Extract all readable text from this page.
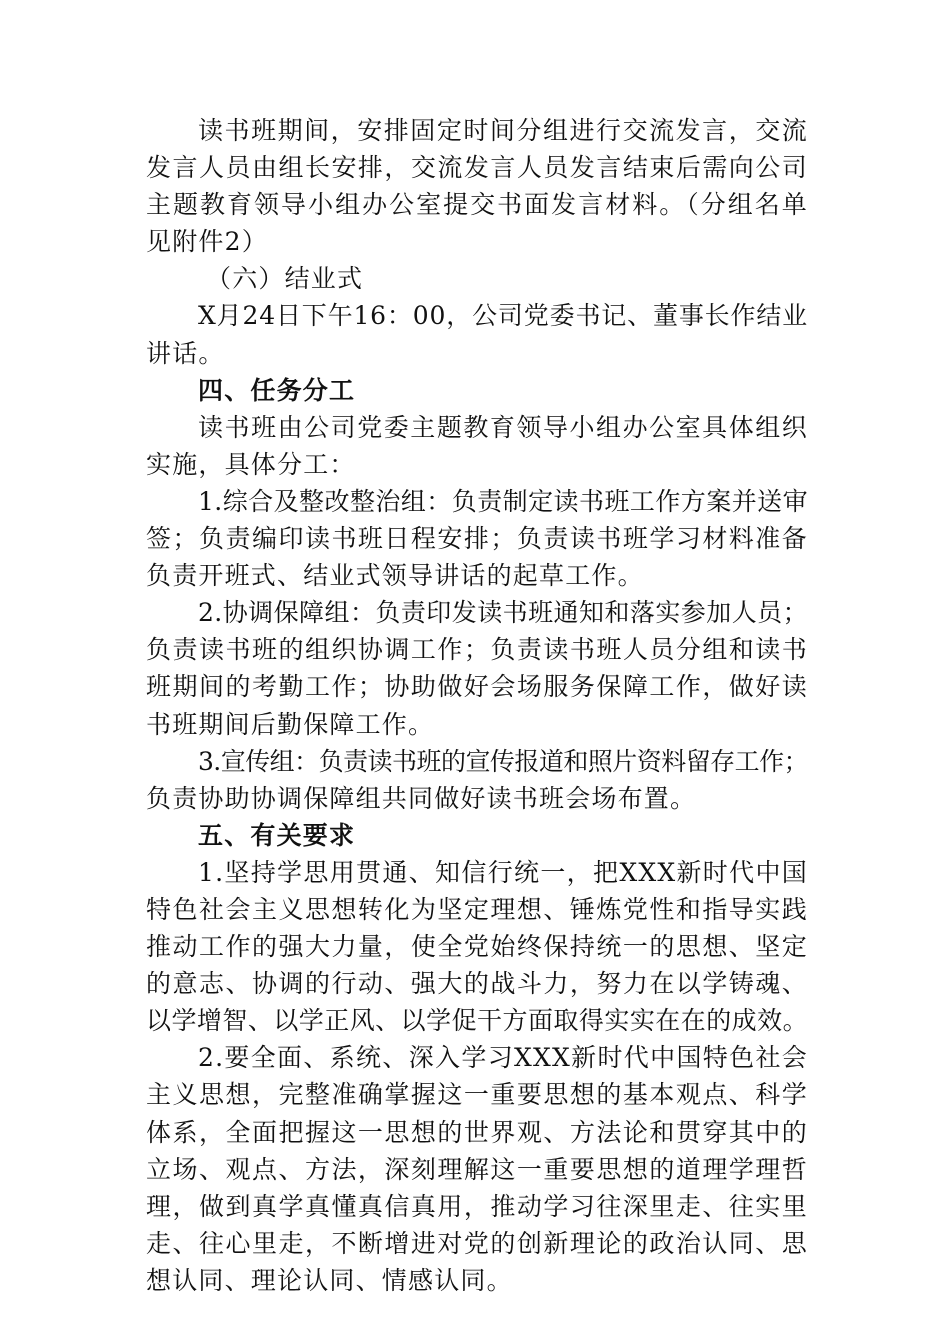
读书班期间，安排固定时间分组进行交流发言，交流
发言人员由组长安排，交流发言人员发言结束后需向公司
主题教育领导小组办公室提交书面发言材料。（分组名单
见附件2）
（六）结业式
X月24日下午16：00，公司党委书记、董事长作结业
讲话。
四、任务分工
读书班由公司党委主题教育领导小组办公室具体组织
实施，具体分工：
1.综合及整改整治组：负责制定读书班工作方案并送审
签；负责编印读书班日程安排；负责读书班学习材料准备
负责开班式、结业式领导讲话的起草工作。
2.协调保障组：负责印发读书班通知和落实参加人员；
负责读书班的组织协调工作；负责读书班人员分组和读书
班期间的考勤工作；协助做好会场服务保障工作，做好读
书班期间后勤保障工作。
3.宣传组：负责读书班的宣传报道和照片资料留存工作；
负责协助协调保障组共同做好读书班会场布置。
五、有关要求
1.坚持学思用贯通、知信行统一，把XXX新时代中国
特色社会主义思想转化为坚定理想、锤炼党性和指导实践
推动工作的强大力量，使全党始终保持统一的思想、坚定
的意志、协调的行动、强大的战斗力，努力在以学铸魂、
以学增智、以学正风、以学促干方面取得实实在在的成效。
2.要全面、系统、深入学习XXX新时代中国特色社会
主义思想，完整准确掌握这一重要思想的基本观点、科学
体系，全面把握这一思想的世界观、方法论和贯穿其中的
立场、观点、方法，深刻理解这一重要思想的道理学理哲
理，做到真学真懂真信真用，推动学习往深里走、往实里
走、往心里走，不断增进对党的创新理论的政治认同、思
想认同、理论认同、情感认同。
